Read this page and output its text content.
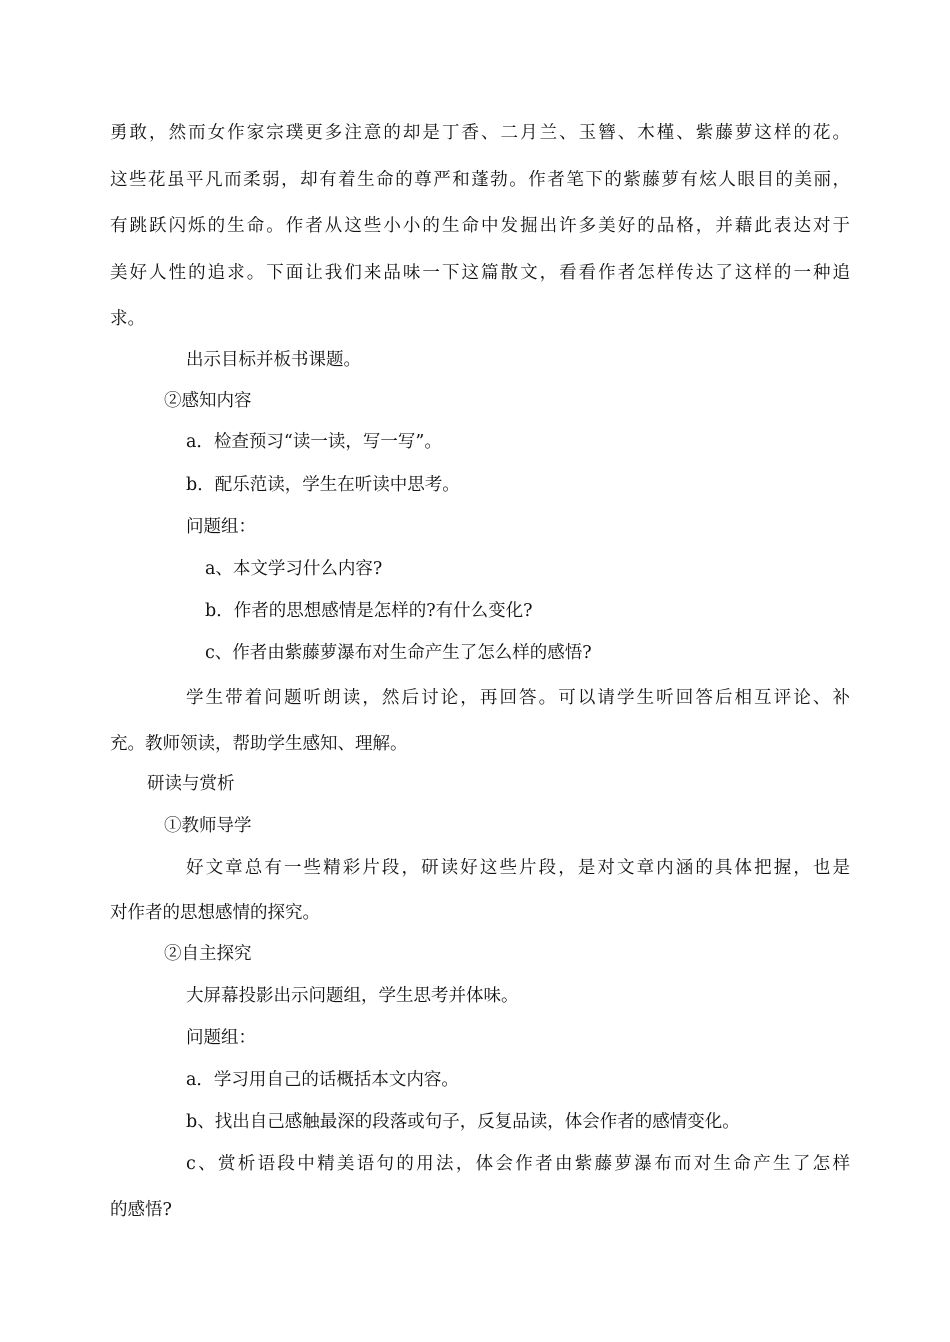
勇敢，然而女作家宗璞更多注意的却是丁香、二月兰、玉簪、木槿、紫藤萝这样的花。

这些花虽平凡而柔弱，却有着生命的尊严和蓬勃。作者笔下的紫藤萝有炫人眼目的美丽，

有跳跃闪烁的生命。作者从这些小小的生命中发掘出许多美好的品格，并藉此表达对于

美好人性的追求。下面让我们来品味一下这篇散文，看看作者怎样传达了这样的一种追

求。

出示目标并板书课题。

②感知内容

a．检查预习“读一读，写一写”。

b．配乐范读，学生在听读中思考。

问题组：

a、本文学习什么内容?

b．作者的思想感情是怎样的?有什么变化?

c、作者由紫藤萝瀑布对生命产生了怎么样的感悟?

学生带着问题听朗读，然后讨论，再回答。可以请学生听回答后相互评论、补

充。教师领读，帮助学生感知、理解。

研读与赏析

①教师导学

好文章总有一些精彩片段，研读好这些片段，是对文章内涵的具体把握，也是

对作者的思想感情的探究。

②自主探究

大屏幕投影出示问题组，学生思考并体味。

问题组：

a．学习用自己的话概括本文内容。

b、找出自己感触最深的段落或句子，反复品读，体会作者的感情变化。

c、赏析语段中精美语句的用法，体会作者由紫藤萝瀑布而对生命产生了怎样

的感悟?
